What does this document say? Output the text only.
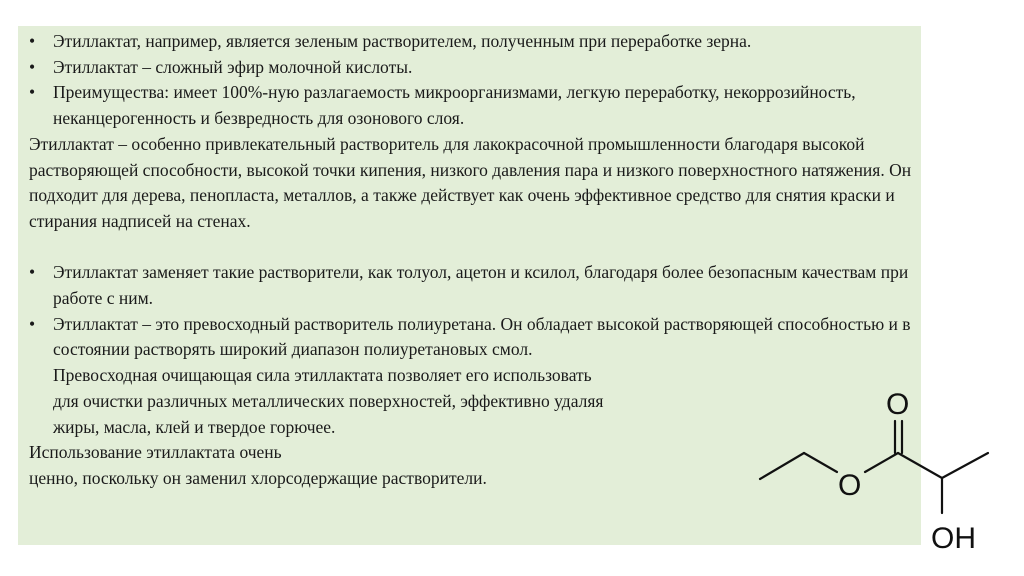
• Этиллактат, например, является зеленым растворителем, полученным при переработке зерна.
• Этиллактат – сложный эфир молочной кислоты.
• Преимущества: имеет 100%-ную разлагаемость микроорганизмами, легкую переработку, некоррозийность, неканцерогенность и безвредность для озонового слоя.
Этиллактат – особенно привлекательный растворитель для лакокрасочной промышленности благодаря высокой растворяющей способности, высокой точки кипения, низкого давления пара и низкого поверхностного натяжения. Он подходит для дерева, пенопласта, металлов, а также действует как очень эффективное средство для снятия краски и стирания надписей на стенах.
• Этиллактат заменяет такие растворители, как толуол, ацетон и ксилол, благодаря более безопасным качествам при работе с ним.
• Этиллактат – это превосходный растворитель полиуретана. Он обладает высокой растворяющей способностью и в состоянии растворять широкий диапазон полиуретановых смол.
Превосходная очищающая сила этиллактата позволяет его использовать
для очистки различных металлических поверхностей, эффективно удаляя
жиры, масла, клей и твердое горючее.
Использование этиллактата очень
ценно, поскольку он заменил хлорсодержащие растворители.
O
O
OH
